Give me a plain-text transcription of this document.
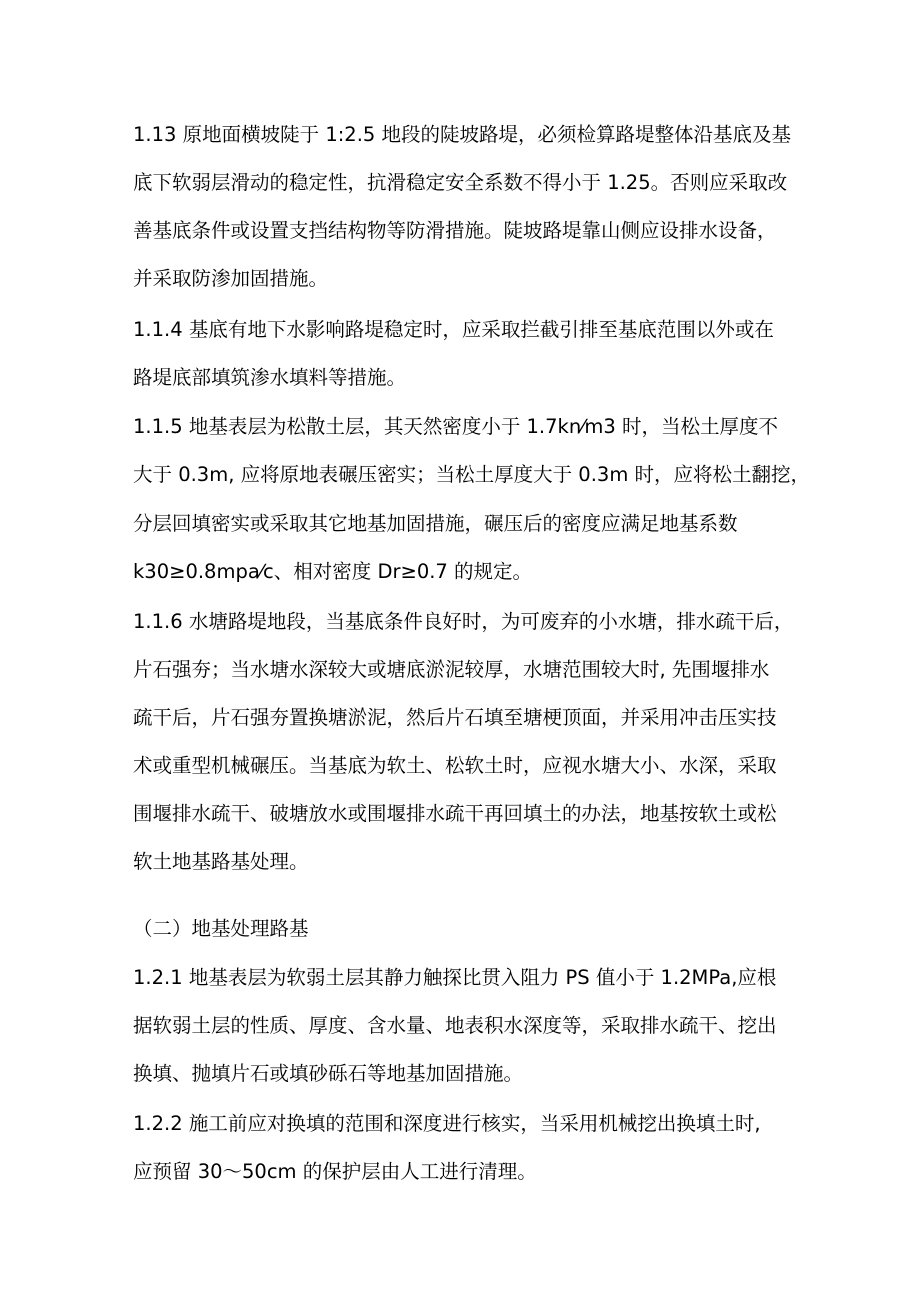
1.13 原地面横坡陡于 1:2.5 地段的陡坡路堤，必须检算路堤整体沿基底及基
底下软弱层滑动的稳定性，抗滑稳定安全系数不得小于 1.25。否则应采取改
善基底条件或设置支挡结构物等防滑措施。陡坡路堤靠山侧应设排水设备，
并采取防渗加固措施。
1.1.4 基底有地下水影响路堤稳定时，应采取拦截引排至基底范围以外或在
路堤底部填筑渗水填料等措施。
1.1.5 地基表层为松散土层，其天然密度小于 1.7kn⁄m3 时，当松土厚度不
大于 0.3m, 应将原地表碾压密实；当松土厚度大于 0.3m 时，应将松土翻挖，
分层回填密实或采取其它地基加固措施，碾压后的密度应满足地基系数
k30≥0.8mpa⁄c、相对密度 Dr≥0.7 的规定。
1.1.6 水塘路堤地段，当基底条件良好时，为可废弃的小水塘，排水疏干后，
片石强夯；当水塘水深较大或塘底淤泥较厚，水塘范围较大时, 先围堰排水
疏干后，片石强夯置换塘淤泥，然后片石填至塘梗顶面，并采用冲击压实技
术或重型机械碾压。当基底为软土、松软土时，应视水塘大小、水深，采取
围堰排水疏干、破塘放水或围堰排水疏干再回填土的办法，地基按软土或松
软土地基路基处理。
（二）地基处理路基
1.2.1 地基表层为软弱土层其静力触探比贯入阻力 PS 值小于 1.2MPa,应根
据软弱土层的性质、厚度、含水量、地表积水深度等，采取排水疏干、挖出
换填、抛填片石或填砂砾石等地基加固措施。
1.2.2 施工前应对换填的范围和深度进行核实，当采用机械挖出换填土时,
应预留 30～50cm 的保护层由人工进行清理。
